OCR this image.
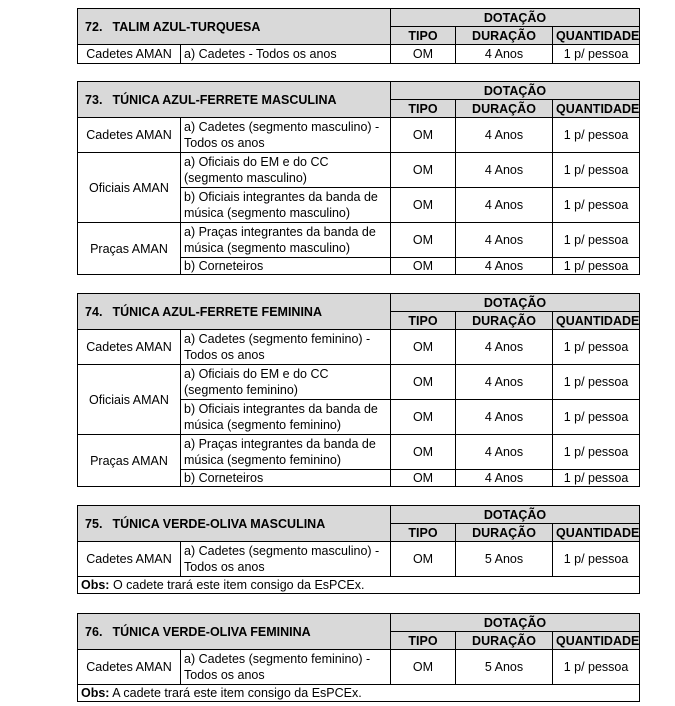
72.	TALIM AZUL-TURQUESA		DOTAÇÃO		
			TIPO	DURAÇÃO	QUANTIDADE
Cadetes AMAN		a) Cadetes - Todos os anos	OM	4 Anos	1 p/ pessoa
73.	TÚNICA AZUL-FERRETE MASCULINA		DOTAÇÃO		
			TIPO	DURAÇÃO	QUANTIDADE
Cadetes AMAN		a) Cadetes (segmento masculino) - Todos os anos	OM	4 Anos	1 p/ pessoa
Oficiais AMAN		a) Oficiais do EM e do CC (segmento masculino)	OM	4 Anos	1 p/ pessoa
		b) Oficiais integrantes da banda de música (segmento masculino)	OM	4 Anos	1 p/ pessoa
Praças AMAN		a) Praças integrantes da banda de música (segmento masculino)	OM	4 Anos	1 p/ pessoa
		b) Corneteiros	OM	4 Anos	1 p/ pessoa
74.	TÚNICA AZUL-FERRETE FEMININA		DOTAÇÃO		
			TIPO	DURAÇÃO	QUANTIDADE
Cadetes AMAN		a) Cadetes (segmento feminino) - Todos os anos	OM	4 Anos	1 p/ pessoa
Oficiais AMAN		a) Oficiais do EM e do CC (segmento feminino)	OM	4 Anos	1 p/ pessoa
		b) Oficiais integrantes da banda de música (segmento feminino)	OM	4 Anos	1 p/ pessoa
Praças AMAN		a) Praças integrantes da banda de música (segmento feminino)	OM	4 Anos	1 p/ pessoa
		b) Corneteiros	OM	4 Anos	1 p/ pessoa
75.	TÚNICA VERDE-OLIVA MASCULINA		DOTAÇÃO		
			TIPO	DURAÇÃO	QUANTIDADE
Cadetes AMAN		a) Cadetes (segmento masculino) - Todos os anos	OM	5 Anos	1 p/ pessoa
Obs: O cadete trará este item consigo da EsPCEx.					
76.	TÚNICA VERDE-OLIVA FEMININA		DOTAÇÃO		
			TIPO	DURAÇÃO	QUANTIDADE
Cadetes AMAN		a) Cadetes (segmento feminino) - Todos os anos	OM	5 Anos	1 p/ pessoa
Obs: A cadete trará este item consigo da EsPCEx.					
